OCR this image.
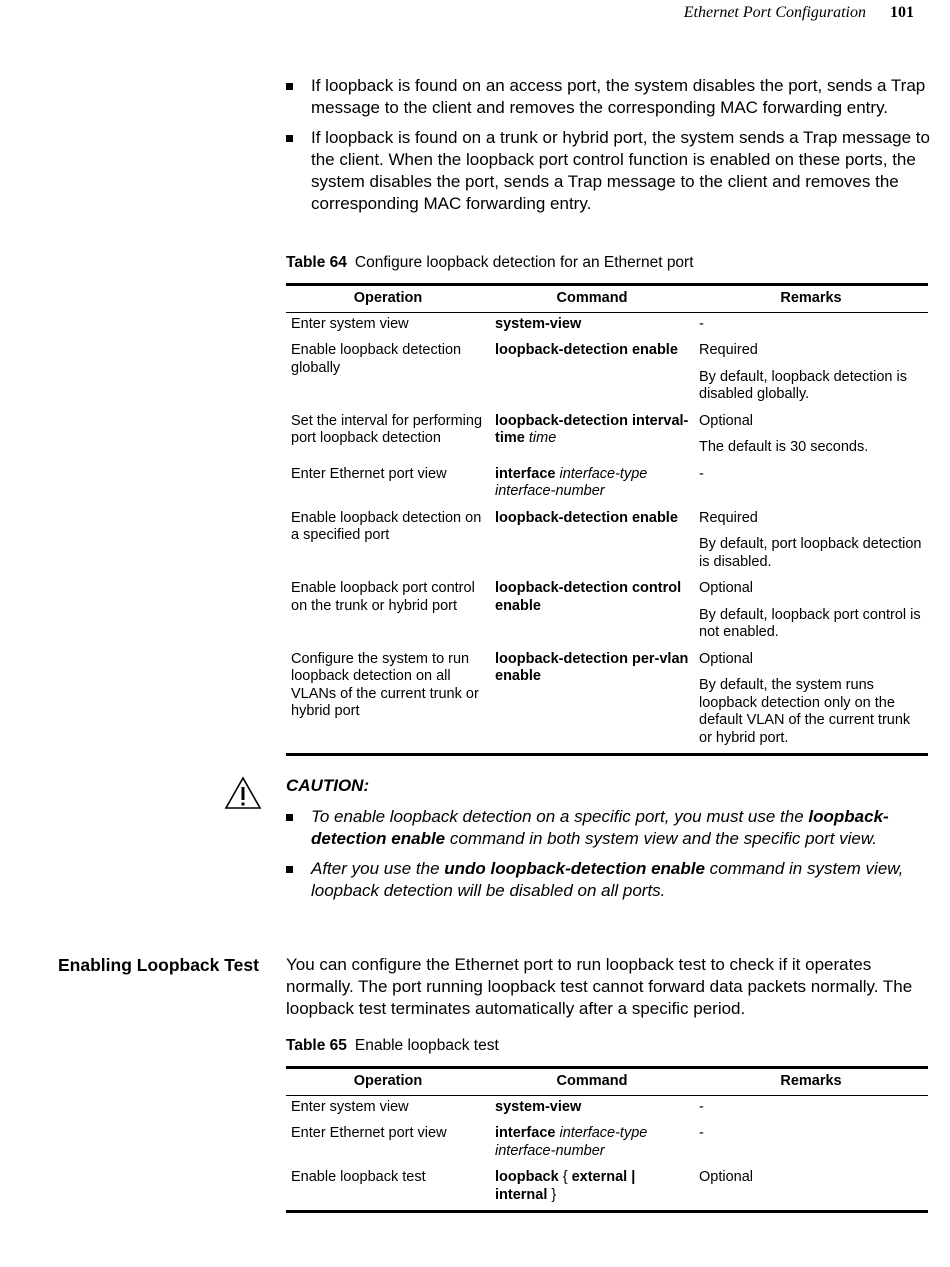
Ethernet Port Configuration 101
If loopback is found on an access port, the system disables the port, sends a Trap message to the client and removes the corresponding MAC forwarding entry.
If loopback is found on a trunk or hybrid port, the system sends a Trap message to the client. When the loopback port control function is enabled on these ports, the system disables the port, sends a Trap message to the client and removes the corresponding MAC forwarding entry.
Table 64 Configure loopback detection for an Ethernet port
Operation	Command	Remarks
Enter system view	system-view	-

Enable loopback detection globally	loopback-detection enable	Required
By default, loopback detection is disabled globally.

Set the interval for performing port loopback detection	loopback-detection interval-time time	Optional
The default is 30 seconds.

Enter Ethernet port view	interface interface-type interface-number	-

Enable loopback detection on a specified port	loopback-detection enable	Required
By default, port loopback detection is disabled.

Enable loopback port control on the trunk or hybrid port	loopback-detection control enable	Optional
By default, loopback port control is not enabled.

Configure the system to run loopback detection on all VLANs of the current trunk or hybrid port	loopback-detection per-vlan enable	Optional
By default, the system runs loopback detection only on the default VLAN of the current trunk or hybrid port.
CAUTION:
To enable loopback detection on a specific port, you must use the loopback-detection enable command in both system view and the specific port view.
After you use the undo loopback-detection enable command in system view, loopback detection will be disabled on all ports.
Enabling Loopback Test You can configure the Ethernet port to run loopback test to check if it operates normally. The port running loopback test cannot forward data packets normally. The loopback test terminates automatically after a specific period.
Table 65 Enable loopback test
Operation	Command	Remarks
Enter system view	system-view	-
Enter Ethernet port view	interface interface-type interface-number	-
Enable loopback test	loopback { external | internal }	Optional
